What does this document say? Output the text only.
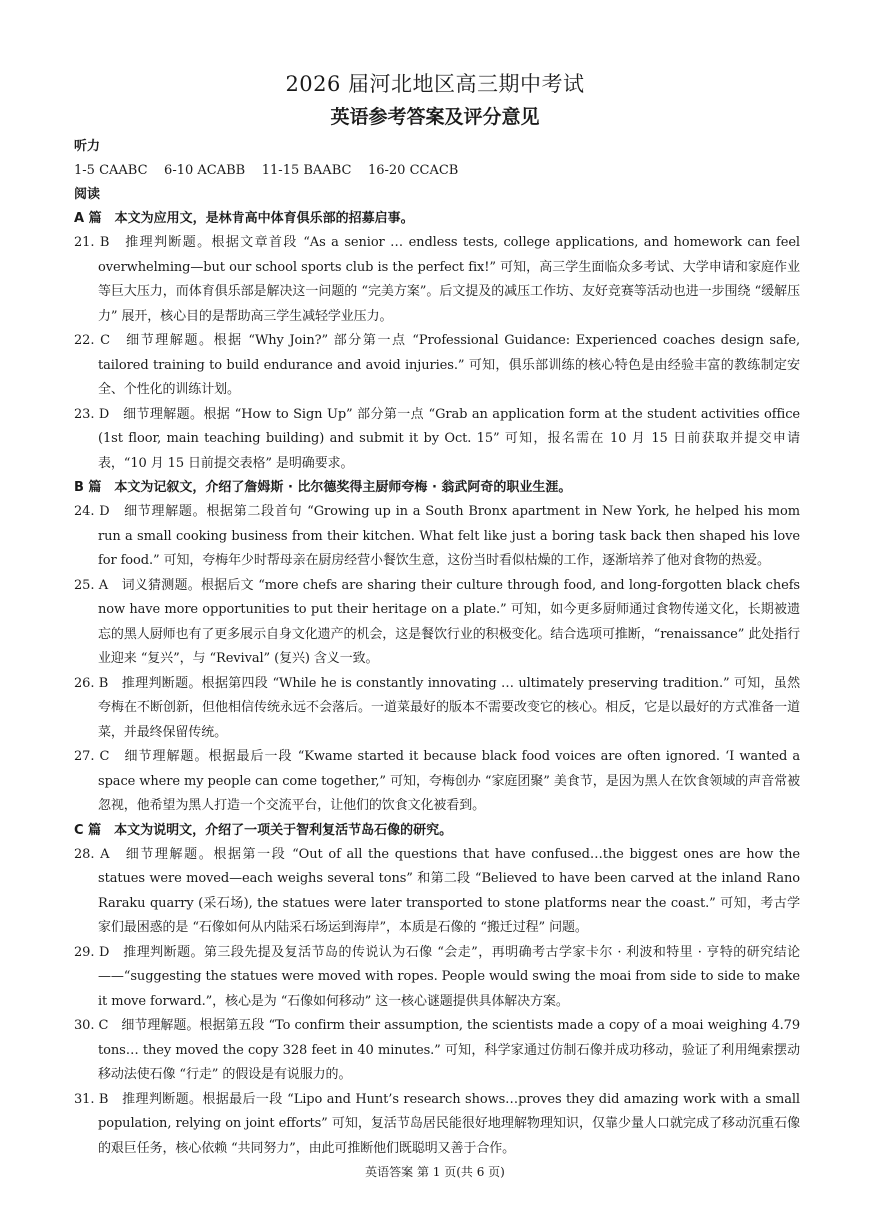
2026 届河北地区高三期中考试
英语参考答案及评分意见
听力
1-5 CAABC    6-10 ACABB    11-15 BAABC    16-20 CCACB
阅读
A 篇　本文为应用文，是林肯高中体育俱乐部的招募启事。
21. B　推理判断题。根据文章首段 “As a senior … endless tests, college applications, and homework can feel overwhelming—but our school sports club is the perfect fix!” 可知，高三学生面临众多考试、大学申请和家庭作业等巨大压力，而体育俱乐部是解决这一问题的 “完美方案”。后文提及的减压工作坊、友好竞赛等活动也进一步围绕 “缓解压力” 展开，核心目的是帮助高三学生减轻学业压力。
22. C　细节理解题。根据 “Why Join?” 部分第一点 “Professional Guidance: Experienced coaches design safe, tailored training to build endurance and avoid injuries.” 可知，俱乐部训练的核心特色是由经验丰富的教练制定安全、个性化的训练计划。
23. D　细节理解题。根据 “How to Sign Up” 部分第一点 “Grab an application form at the student activities office (1st floor, main teaching building) and submit it by Oct. 15” 可知，报名需在 10 月 15 日前获取并提交申请表，“10 月 15 日前提交表格” 是明确要求。
B 篇　本文为记叙文，介绍了詹姆斯 · 比尔德奖得主厨师夸梅 · 翁武阿奇的职业生涯。
24. D　细节理解题。根据第二段首句 “Growing up in a South Bronx apartment in New York, he helped his mom run a small cooking business from their kitchen. What felt like just a boring task back then shaped his love for food.” 可知，夸梅年少时帮母亲在厨房经营小餐饮生意，这份当时看似枯燥的工作，逐渐培养了他对食物的热爱。
25. A　词义猜测题。根据后文 “more chefs are sharing their culture through food, and long-forgotten black chefs now have more opportunities to put their heritage on a plate.” 可知，如今更多厨师通过食物传递文化，长期被遗忘的黑人厨师也有了更多展示自身文化遗产的机会，这是餐饮行业的积极变化。结合选项可推断，“renaissance” 此处指行业迎来 “复兴”，与 “Revival” (复兴) 含义一致。
26. B　推理判断题。根据第四段 “While he is constantly innovating … ultimately preserving tradition.” 可知，虽然夸梅在不断创新，但他相信传统永远不会落后。一道菜最好的版本不需要改变它的核心。相反，它是以最好的方式准备一道菜，并最终保留传统。
27. C　细节理解题。根据最后一段 “Kwame started it because black food voices are often ignored. ‘I wanted a space where my people can come together,” 可知，夸梅创办 “家庭团聚” 美食节，是因为黑人在饮食领域的声音常被忽视，他希望为黑人打造一个交流平台，让他们的饮食文化被看到。
C 篇　本文为说明文，介绍了一项关于智利复活节岛石像的研究。
28. A　细节理解题。根据第一段 “Out of all the questions that have confused…the biggest ones are how the statues were moved—each weighs several tons” 和第二段 “Believed to have been carved at the inland Rano Raraku quarry (采石场), the statues were later transported to stone platforms near the coast.” 可知，考古学家们最困惑的是 “石像如何从内陆采石场运到海岸”，本质是石像的 “搬迁过程” 问题。
29. D　推理判断题。第三段先提及复活节岛的传说认为石像 “会走”，再明确考古学家卡尔 · 利波和特里 · 亨特的研究结论 ——“suggesting the statues were moved with ropes. People would swing the moai from side to side to make it move forward.”，核心是为 “石像如何移动” 这一核心谜题提供具体解决方案。
30. C　细节理解题。根据第五段 “To confirm their assumption, the scientists made a copy of a moai weighing 4.79 tons… they moved the copy 328 feet in 40 minutes.” 可知，科学家通过仿制石像并成功移动，验证了利用绳索摆动移动法使石像 “行走” 的假设是有说服力的。
31. B　推理判断题。根据最后一段 “Lipo and Hunt’s research shows…proves they did amazing work with a small population, relying on joint efforts” 可知，复活节岛居民能很好地理解物理知识，仅靠少量人口就完成了移动沉重石像的艰巨任务，核心依赖 “共同努力”，由此可推断他们既聪明又善于合作。
英语答案 第 1 页(共 6 页)
